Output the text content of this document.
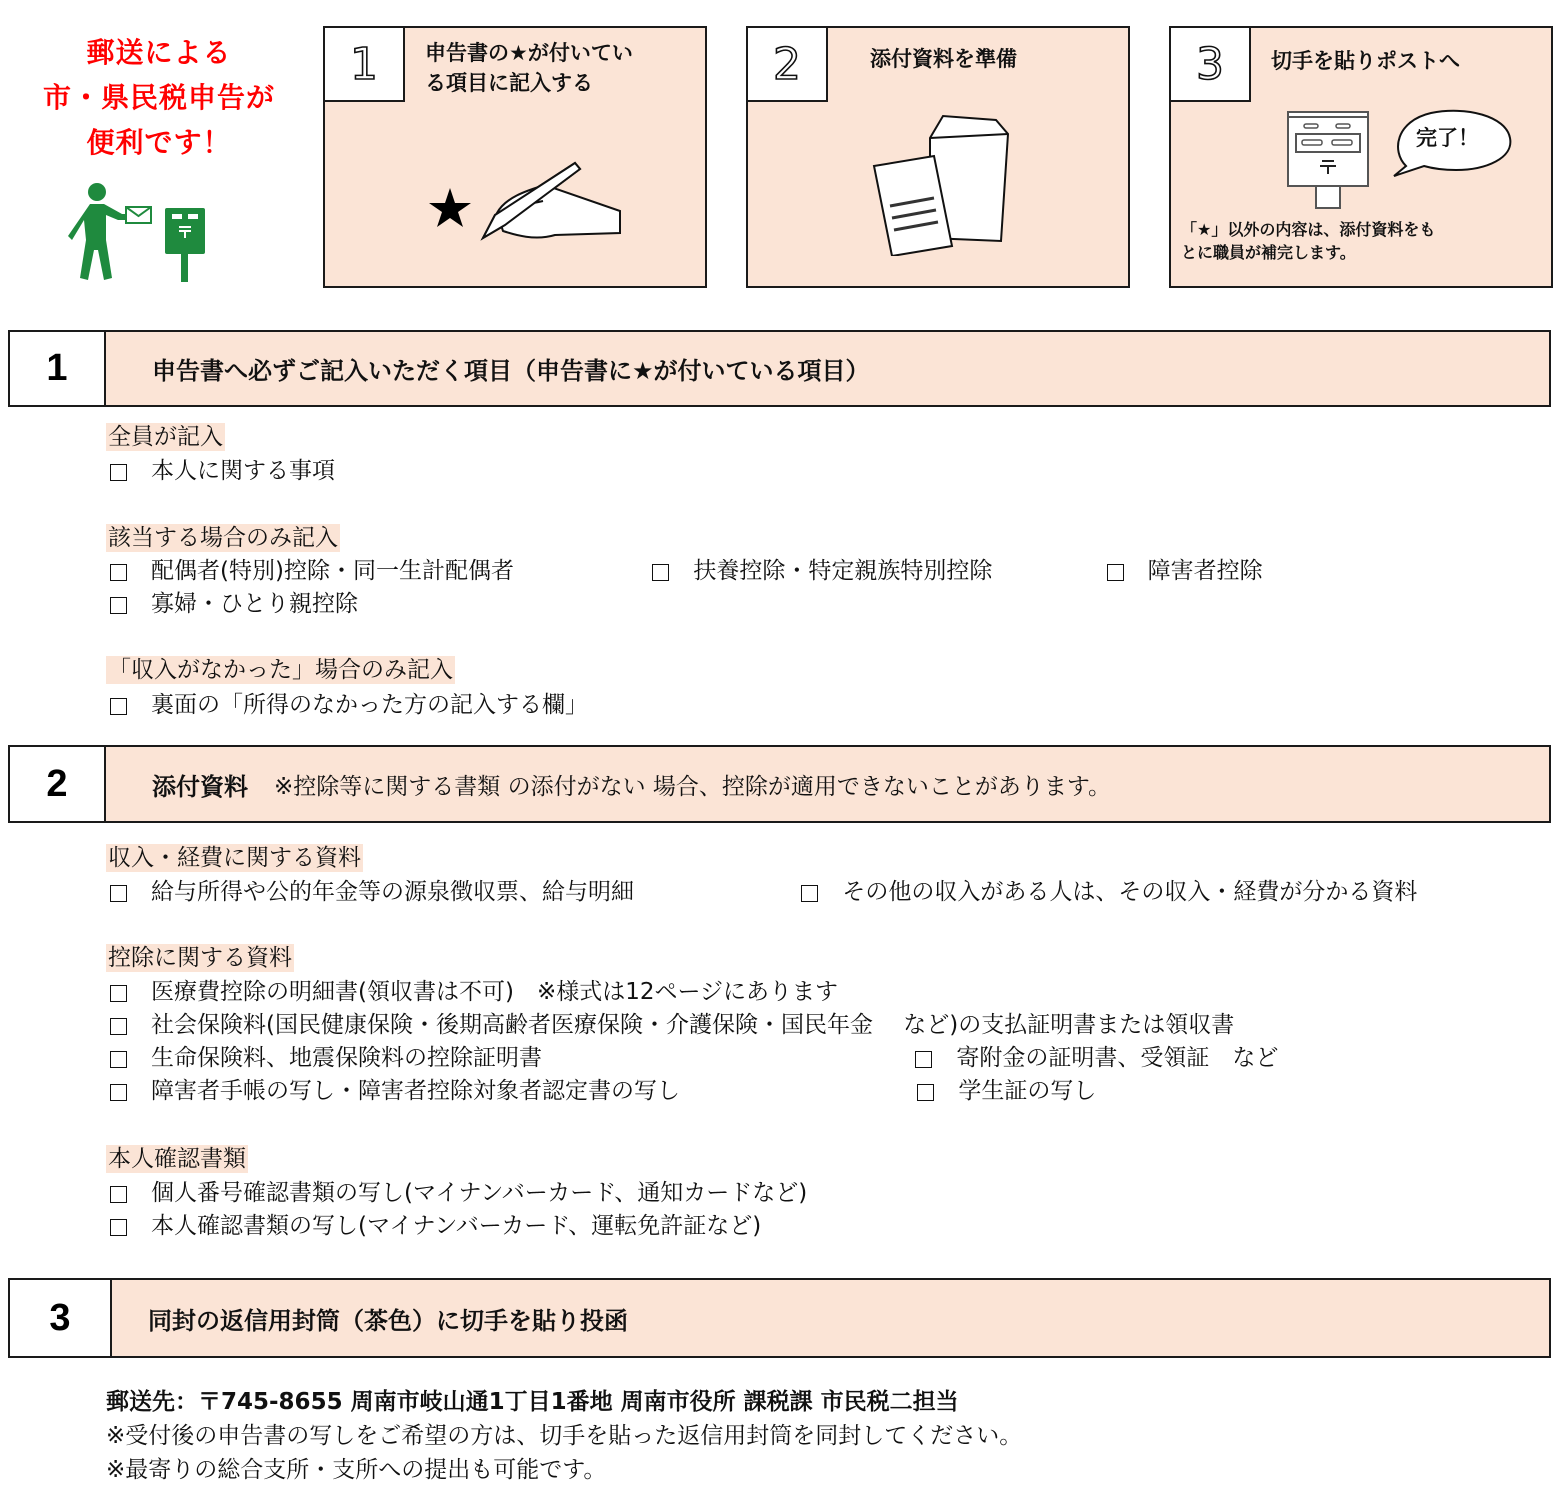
郵送による
市・県民税申告が
便利です！
1 申告書の★が付いてい
る項目に記入する	2	添付資料を準備	3 切手を貼りポストへ
完了！
「★」以外の内容は、添付資料をも
とに職員が補完します。
1	申告書へ必ずご記入いただく項目（申告書に★が付いている項目）
全員が記入
本人に関する事項
該当する場合のみ記入
配偶者(特別)控除・同一生計配偶者
	扶養控除・特定親族特別控除
	障害者控除
寡婦・ひとり親控除
「収入がなかった」場合のみ記入
裏面の「所得のなかった方の記入する欄」
2	添付資料 ※控除等に関する書類 の添付がない 場合、控除が適用できないことがあります。
収入・経費に関する資料
給与所得や公的年金等の源泉徴収票、給与明細
	その他の収入がある人は、その収入・経費が分かる資料
控除に関する資料
医療費控除の明細書(領収書は不可)　※様式は12ページにあります
社会保険料(国民健康保険・後期高齢者医療保険・介護保険・国民年金　 など)の支払証明書または領収書
生命保険料、地震保険料の控除証明書
	寄附金の証明書、受領証　など
障害者手帳の写し・障害者控除対象者認定書の写し
	学生証の写し
本人確認書類
個人番号確認書類の写し(マイナンバーカード、通知カードなど)
本人確認書類の写し(マイナンバーカード、運転免許証など)
3	同封の返信用封筒（茶色）に切手を貼り投函
郵送先：〒745-8655 周南市岐山通1丁目1番地 周南市役所 課税課 市民税二担当
※受付後の申告書の写しをご希望の方は、切手を貼った返信用封筒を同封してください。
※最寄りの総合支所・支所への提出も可能です。
